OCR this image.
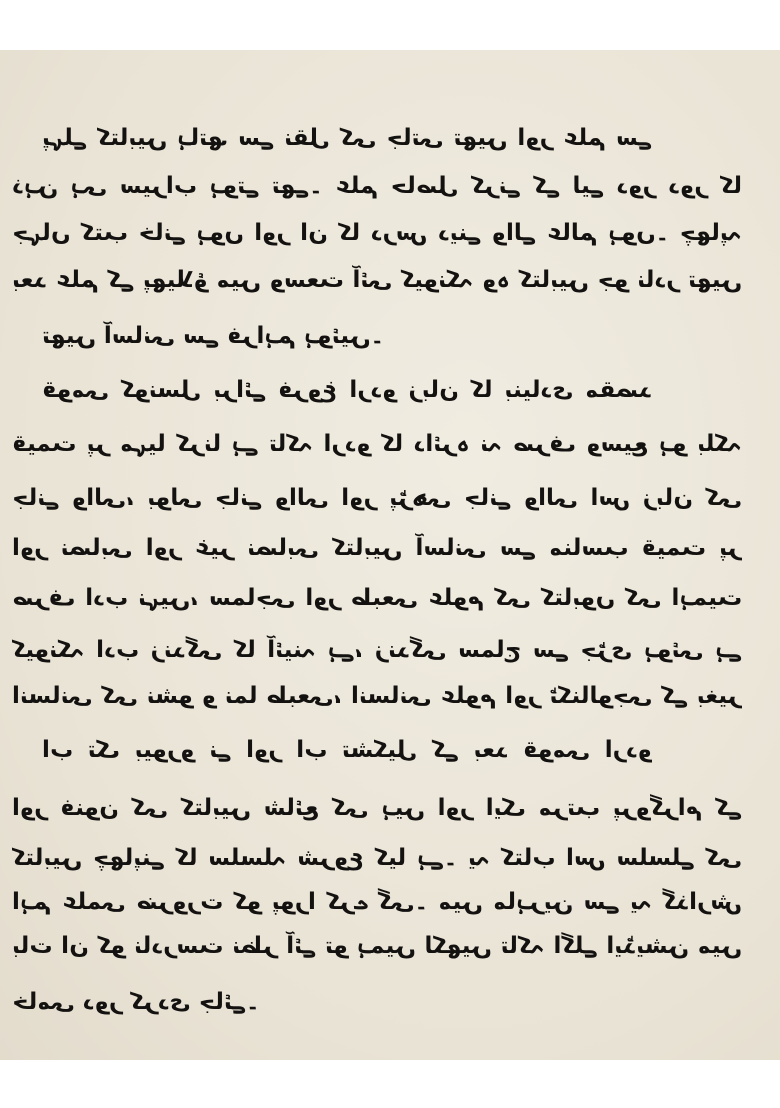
پہلے کتابیں ہاتھ سے نقل کی جاتی تھیں اور علم سے
ذہن ہی سیراب ہوتے تھے۔ علم حاصل کرنے کے لیے دور دور کا
جہاں کتب خانے ہوں اور ان کا درس دینے والے عالم ہوں۔ چھاپہ
بعد علم کے پھیلاؤ میں وسعت آئی کیونکہ وہ کتابیں جو نادر تھیں
تھیں آسانی سے فراہم ہوئیں۔
قومی کونسل برائے فروغ اردو زبان کا بنیادی مقصد
قیمت پر مہیا کرنا ہے تاکہ اردو کا دائرہ نہ صرف وسیع ہو بلکہ
جانے والی، بولی جانے والی اور پڑھی جانے والی اس زبان کی
اور نصابی اور غیر نصابی کتابیں آسانی سے مناسب قیمت پر
صرف ادب نہیں، سماجی اور طبعی علوم کی کتابوں کی اہمیت
کیونکہ ادب زندگی کا آئینہ ہے، زندگی سماج سے جڑی ہوئی ہے
انسانی کی نشو و نما طبعی، انسانی علوم اور ٹکنالوجی کے بغیر
اب تک بیورو نے اور اب تشکیل کے بعد قومی اردو
اور فنون کی کتابیں شائع کی ہیں اور ایک مرتب پروگرام کے
کتابیں چھاپنے کا سلسلہ شروع کیا ہے۔ یہ کتاب اس سلسلے کی
اہم علمی ضرورت کو پورا کرے گی۔ میں ماہرین سے یہ گذارش
بات ان کو نادرست نظر آئے تو ہمیں لکھیں تاکہ اگلے ایڈیشن میں
خامی دور کردی جائے۔
